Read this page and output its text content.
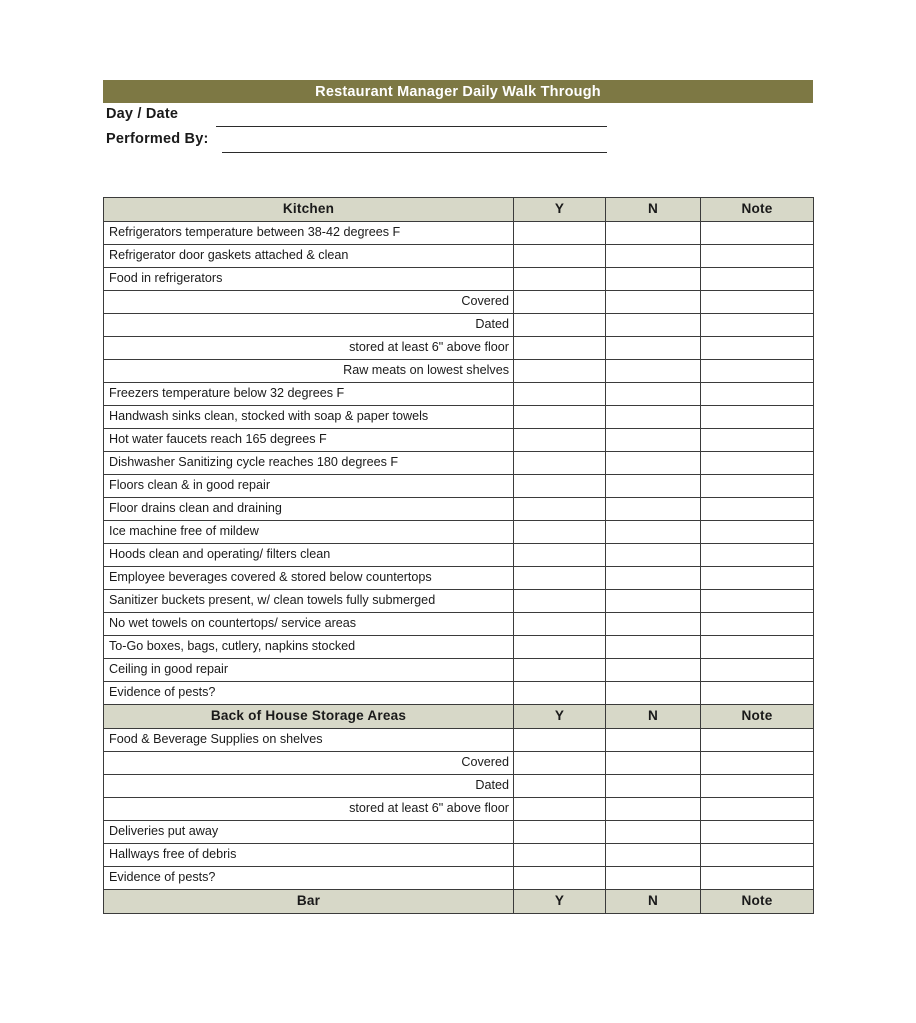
Restaurant Manager Daily Walk Through
Day / Date
Performed By:
Kitchen	Y	N	Note
Refrigerators temperature between 38-42 degrees F			
Refrigerator door gaskets attached & clean			
Food in refrigerators			
Covered			
Dated			
stored at least 6" above floor			
Raw meats on lowest shelves			
Freezers temperature below 32 degrees F			
Handwash sinks clean, stocked with soap & paper towels			
Hot water faucets reach 165 degrees F			
Dishwasher Sanitizing cycle reaches 180 degrees F			
Floors clean & in good repair			
Floor drains clean and draining			
Ice machine free of mildew			
Hoods clean and operating/ filters clean			
Employee beverages covered & stored below countertops			
Sanitizer buckets present, w/ clean towels fully submerged			
No wet towels on countertops/ service areas			
To-Go boxes, bags, cutlery, napkins stocked			
Ceiling in good repair			
Evidence of pests?			
Back of House Storage Areas	Y	N	Note
Food & Beverage Supplies on shelves			
Covered			
Dated			
stored at least 6" above floor			
Deliveries put away			
Hallways free of debris			
Evidence of pests?			
Bar	Y	N	Note
